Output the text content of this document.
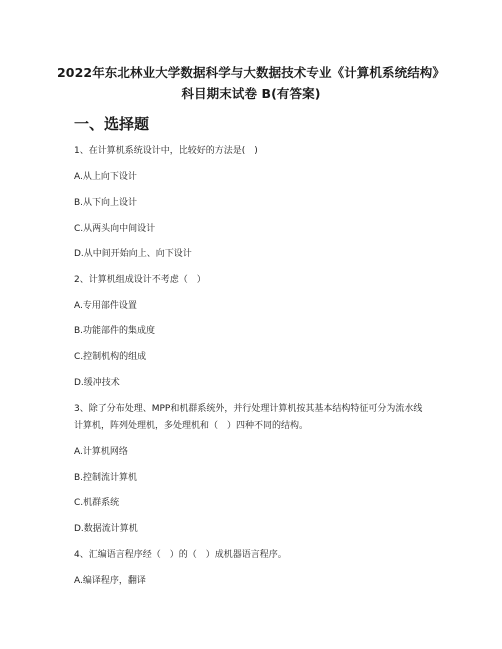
2022年东北林业大学数据科学与大数据技术专业《计算机系统结构》
科目期末试卷 B(有答案)
一、选择题
1、在计算机系统设计中，比较好的方法是(　)
A.从上向下设计
B.从下向上设计
C.从两头向中间设计
D.从中间开始向上、向下设计
2、计算机组成设计不考虑（　）
A.专用部件设置
B.功能部件的集成度
C.控制机构的组成
D.缓冲技术
3、除了分布处理、MPP和机群系统外，并行处理计算机按其基本结构特征可分为流水线
计算机，阵列处理机，多处理机和（　）四种不同的结构。
A.计算机网络
B.控制流计算机
C.机群系统
D.数据流计算机
4、汇编语言程序经（　）的（　）成机器语言程序。
A.编译程序，翻译
